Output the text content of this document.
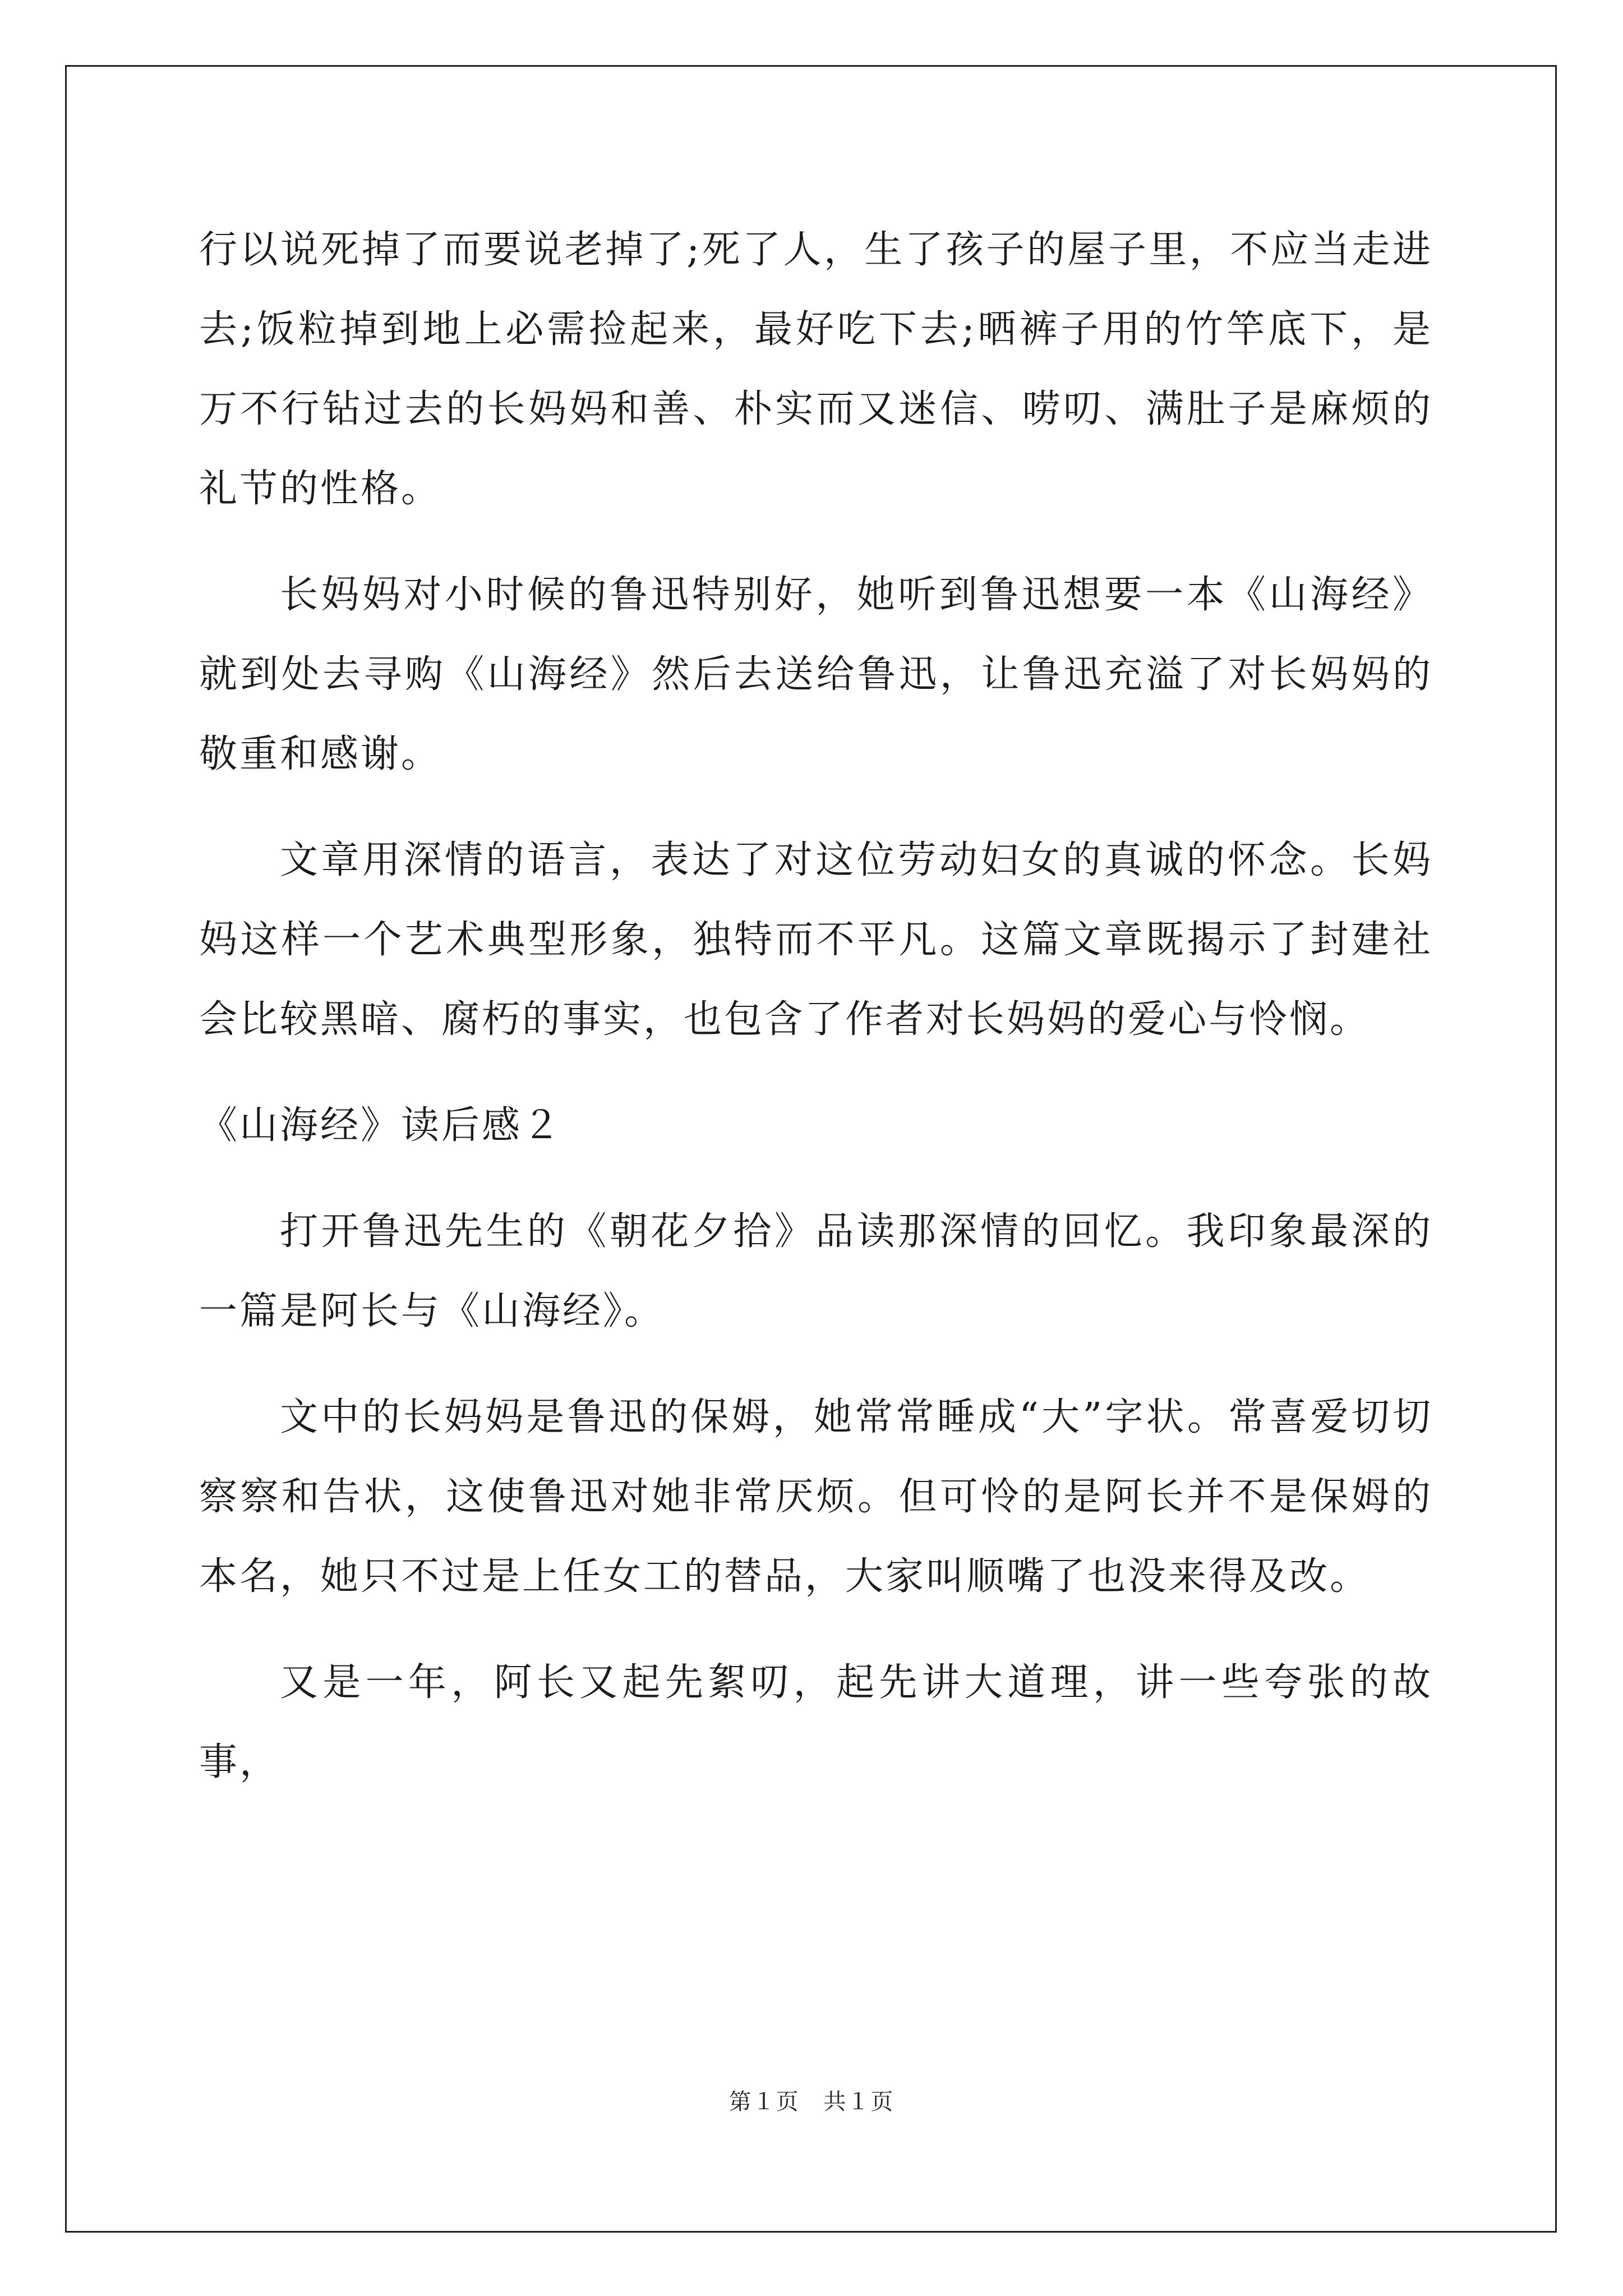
行以说死掉了而要说老掉了;死了人，生了孩子的屋子里，不应当走进去;饭粒掉到地上必需捡起来，最好吃下去;晒裤子用的竹竿底下，是万不行钻过去的长妈妈和善、朴实而又迷信、唠叨、满肚子是麻烦的礼节的性格。

长妈妈对小时候的鲁迅特别好，她听到鲁迅想要一本《山海经》就到处去寻购《山海经》然后去送给鲁迅，让鲁迅充溢了对长妈妈的敬重和感谢。

文章用深情的语言，表达了对这位劳动妇女的真诚的怀念。长妈妈这样一个艺术典型形象，独特而不平凡。这篇文章既揭示了封建社会比较黑暗、腐朽的事实，也包含了作者对长妈妈的爱心与怜悯。

《山海经》读后感２

打开鲁迅先生的《朝花夕拾》品读那深情的回忆。我印象最深的一篇是阿长与《山海经》。

文中的长妈妈是鲁迅的保姆，她常常睡成“大”字状。常喜爱切切察察和告状，这使鲁迅对她非常厌烦。但可怜的是阿长并不是保姆的本名，她只不过是上任女工的替品，大家叫顺嘴了也没来得及改。

又是一年，阿长又起先絮叨，起先讲大道理，讲一些夸张的故事，

第１页 共１页
